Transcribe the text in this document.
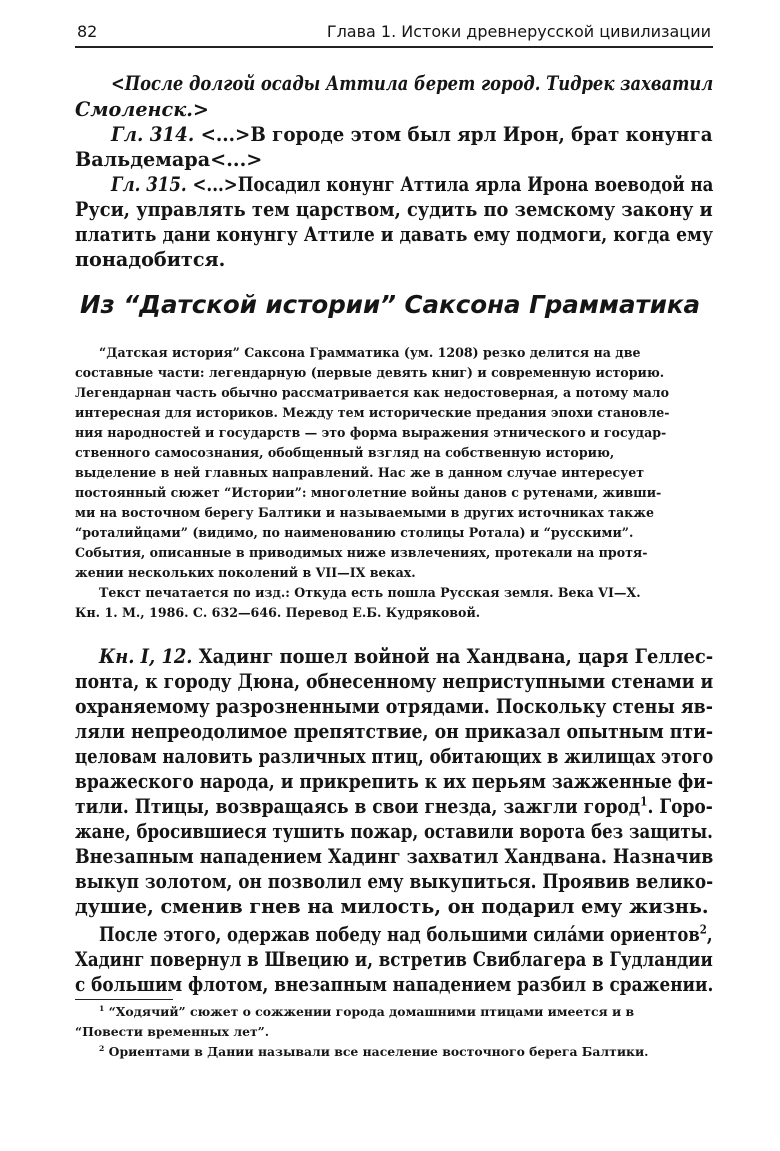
82	Глава 1. Истоки древнерусской цивилизации
<После долгой осады Аттила берет город. Тидрек захватил
Смоленск.>
Гл. 314. <...>В городе этом был ярл Ирон, брат конунга
Вальдемара<...>
Гл. 315. <...>Посадил конунг Аттила ярла Ирона воеводой на
Руси, управлять тем царством, судить по земскому закону и
платить дани конунгу Аттиле и давать ему подмоги, когда ему
понадобится.
Из “Датской истории” Саксона Грамматика
“Датская история” Саксона Грамматика (ум. 1208) резко делится на две
составные части: легендарную (первые девять книг) и современную историю.
Легендарнан часть обычно рассматривается как недостоверная, а потому мало
интересная для историков. Между тем исторические предания эпохи становле-
ния народностей и государств — это форма выражения этнического и государ-
ственного самосознания, обобщенный взгляд на собственную историю,
выделение в ней главных направлений. Нас же в данном случае интересует
постоянный сюжет “Истории”: многолетние войны данов с рутенами, живши-
ми на восточном берегу Балтики и называемыми в других источниках также
“роталийцами” (видимо, по наименованию столицы Ротала) и “русскими”.
События, описанные в приводимых ниже извлечениях, протекали на протя-
жении нескольких поколений в VII—IX веках.
Текст печатается по изд.: Откуда есть пошла Русская земля. Века VI—X.
Кн. 1. М., 1986. С. 632—646. Перевод Е.Б. Кудряковой.
Кн. I, 12. Хадинг пошел войной на Хандвана, царя Геллес-
понта, к городу Дюна, обнесенному неприступными стенами и
охраняемому разрозненными отрядами. Поскольку стены яв-
ляли непреодолимое препятствие, он приказал опытным пти-
целовам наловить различных птиц, обитающих в жилищах этого
вражеского народа, и прикрепить к их перьям зажженные фи-
тили. Птицы, возвращаясь в свои гнезда, зажгли город$^1$. Горо-
жане, бросившиеся тушить пожар, оставили ворота без защиты.
Внезапным нападением Хадинг захватил Хандвана. Назначив
выкуп золотом, он позволил ему выкупиться. Проявив велико-
душие, сменив гнев на милость, он подарил ему жизнь.
После этого, одержав победу над большими силáми ориентов$^2$,
Хадинг повернул в Швецию и, встретив Свиблагера в Гудландии
с большим флотом, внезапным нападением разбил в сражении.
$^1$ “Ходячий” сюжет о сожжении города домашними птицами имеется и в
“Повести временных лет”.
$^2$ Ориентами в Дании называли все население восточного берега Балтики.
